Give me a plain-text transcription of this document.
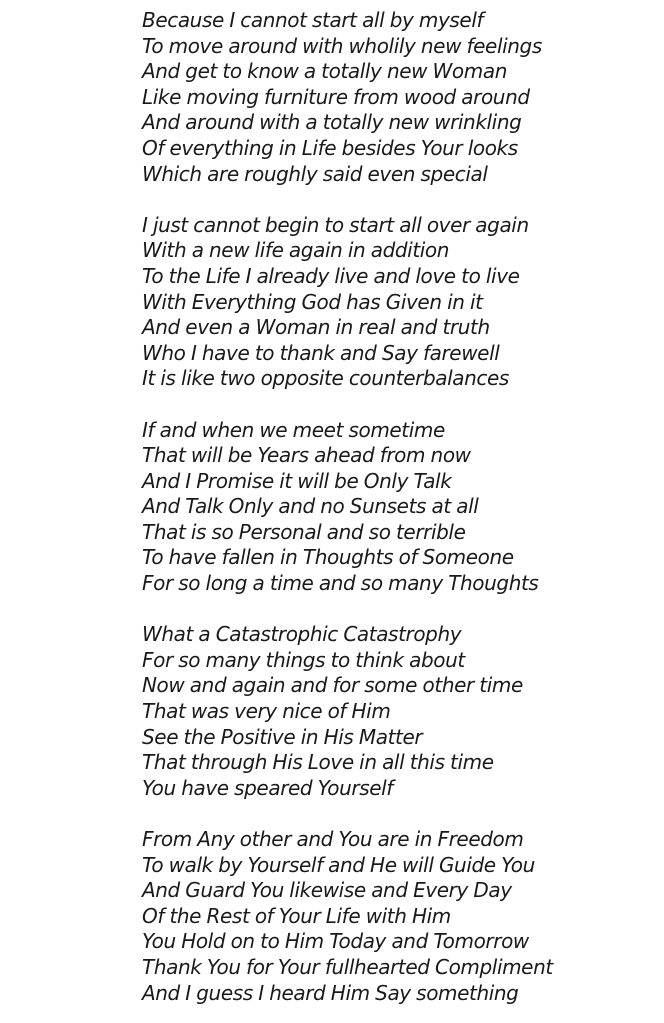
Because I cannot start all by myself
To move around with wholily new feelings
And get to know a totally new Woman
Like moving furniture from wood around
And around with a totally new wrinkling
Of everything in Life besides Your looks
Which are roughly said even special
I just cannot begin to start all over again
With a new life again in addition
To the Life I already live and love to live
With Everything God has Given in it
And even a Woman in real and truth
Who I have to thank and Say farewell
It is like two opposite counterbalances
If and when we meet sometime
That will be Years ahead from now
And I Promise it will be Only Talk
And Talk Only and no Sunsets at all
That is so Personal and so terrible
To have fallen in Thoughts of Someone
For so long a time and so many Thoughts
What a Catastrophic Catastrophy
For so many things to think about
Now and again and for some other time
That was very nice of Him
See the Positive in His Matter
That through His Love in all this time
You have speared Yourself
From Any other and You are in Freedom
To walk by Yourself and He will Guide You
And Guard You likewise and Every Day
Of the Rest of Your Life with Him
You Hold on to Him Today and Tomorrow
Thank You for Your fullhearted Compliment
And I guess I heard Him Say something
